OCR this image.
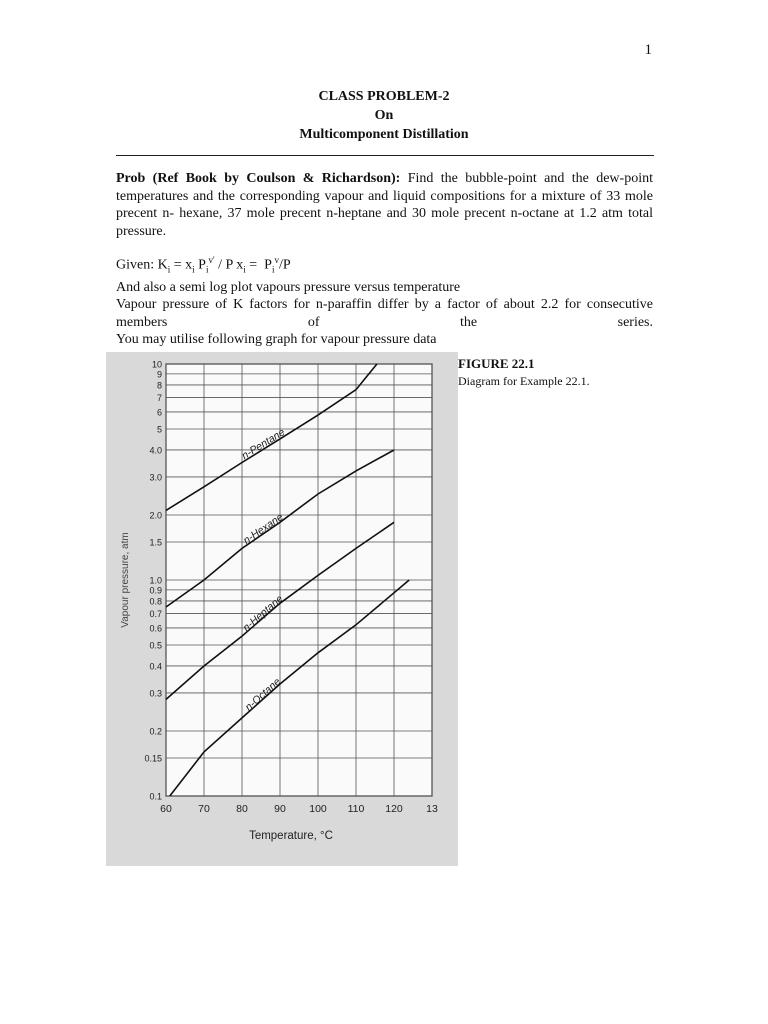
1
CLASS PROBLEM-2
On
Multicomponent Distillation
Prob (Ref Book by Coulson & Richardson): Find the bubble-point and the dew-point temperatures and the corresponding vapour and liquid compositions for a mixture of 33 mole precent n- hexane, 37 mole precent n-heptane and 30 mole precent n-octane at 1.2 atm total pressure.
Given: $K_i = x_i$ $P_i^{v'}$ / P $x_i = P_i^v/P$
And also a semi log plot vapours pressure versus temperature
Vapour pressure of K factors for n-paraffin differ by a factor of about 2.2 for consecutive members of the series.
You may utilise following graph for vapour pressure data
10
9
8
7
6
5
4.0
3.0
2.0
1.5
1.0
0.9
0.8
0.7
0.6
0.5
0.4
0.3
0.2
0.15
0.1
60	70	80	90 100 110 120 13
Temperature, °C
Vapour pressure, atm
n-Pentane
n-Hexane
n-Heptane
n-Octane
FIGURE 22.1
Diagram for Example 22.1.
